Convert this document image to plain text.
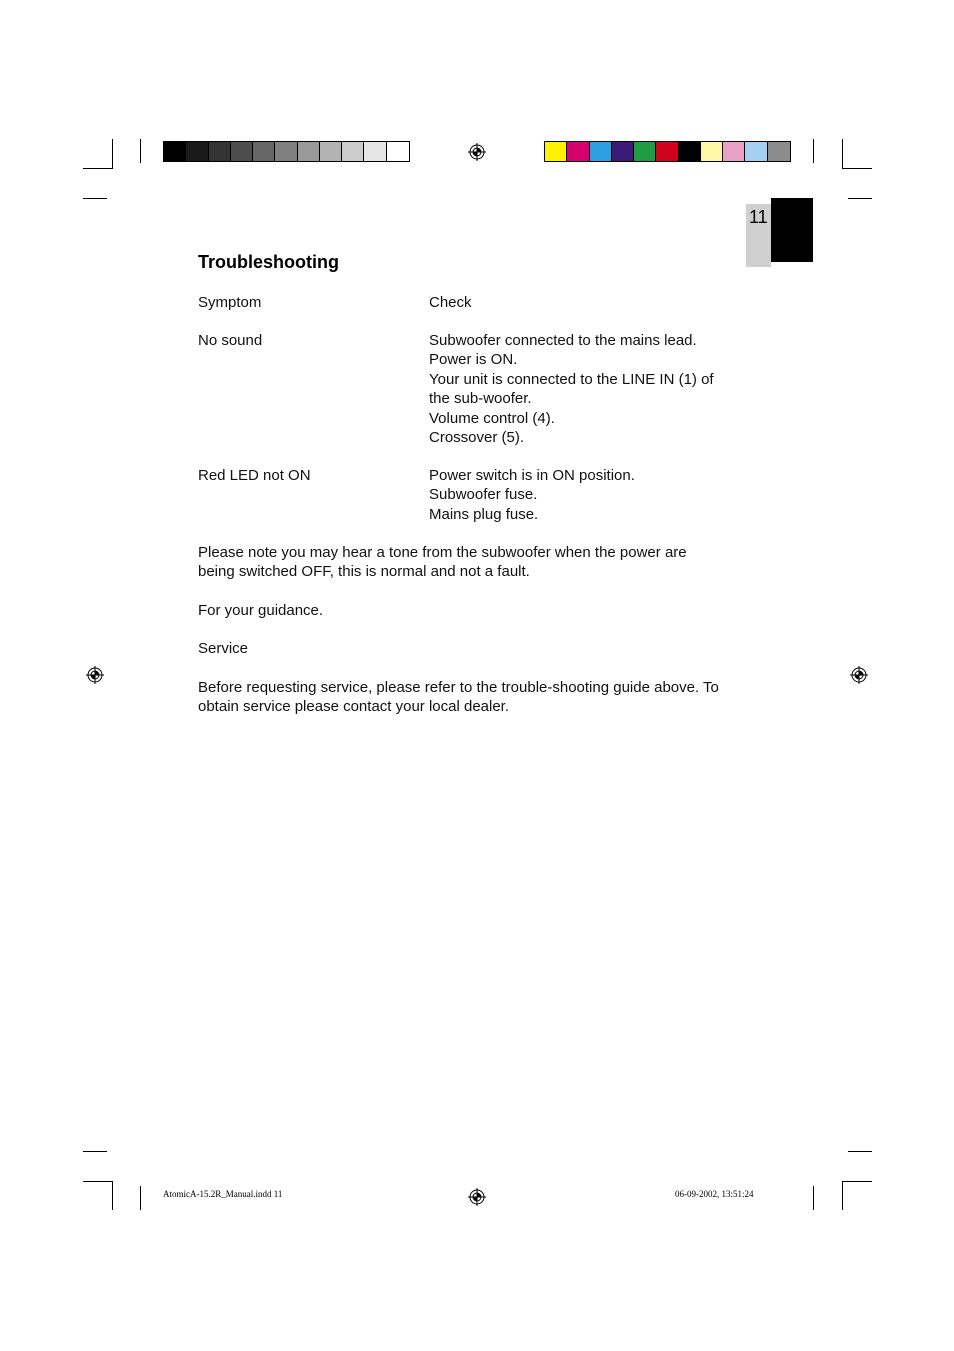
11
Troubleshooting

Symptom	Check

No sound	Subwoofer connected to the mains lead.

Power is ON.

Your unit is connected to the LINE IN (1) of

the sub-woofer.

Volume control (4).

Crossover (5).

Red LED not ON	Power switch is in ON position.

Subwoofer fuse.

Mains plug fuse.

Please note you may hear a tone from the subwoofer when the power are

being switched OFF, this is normal and not a fault.

For your guidance.

Service

Before requesting service, please refer to the trouble-shooting guide above. To

obtain service please contact your local dealer.

AtomicA-15.2R_Manual.indd 11	06-09-2002, 13:51:24
